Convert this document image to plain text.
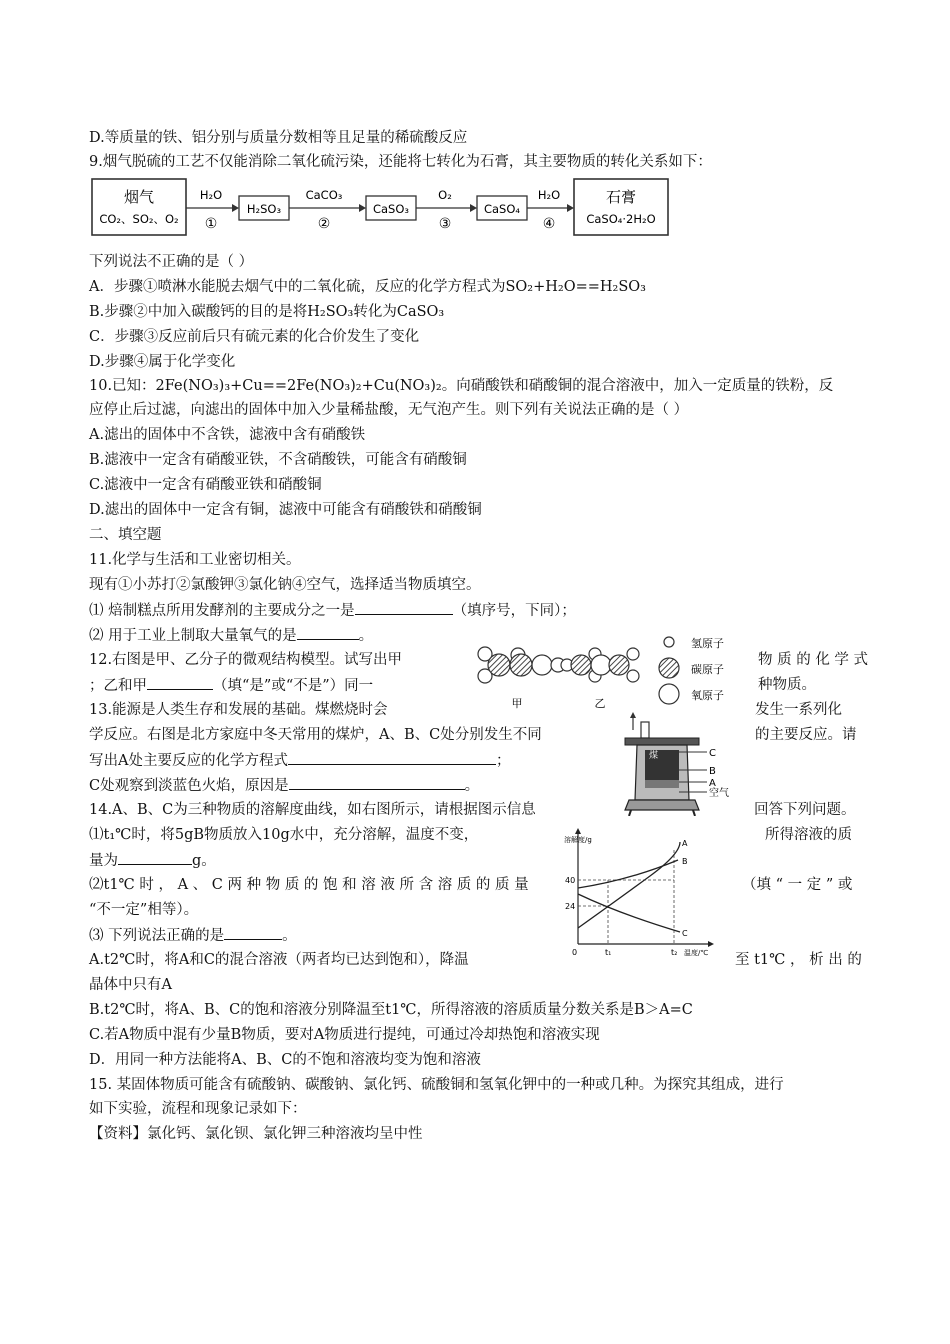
D.等质量的铁、铝分别与质量分数相等且足量的稀硫酸反应
9.烟气脱硫的工艺不仅能消除二氧化硫污染，还能将七转化为石膏，其主要物质的转化关系如下：
烟气
CO₂、SO₂、O₂
H₂O
①
H₂SO₃
CaCO₃
②
CaSO₃
O₂
③
CaSO₄
H₂O
④
石膏
CaSO₄·2H₂O
下列说法不正确的是（ ）
A．步骤①喷淋水能脱去烟气中的二氧化硫，反应的化学方程式为SO₂+H₂O==H₂SO₃
B.步骤②中加入碳酸钙的目的是将H₂SO₃转化为CaSO₃
C．步骤③反应前后只有硫元素的化合价发生了变化
D.步骤④属于化学变化
10.已知：2Fe(NO₃)₃+Cu==2Fe(NO₃)₂+Cu(NO₃)₂。向硝酸铁和硝酸铜的混合溶液中，加入一定质量的铁粉，反
应停止后过滤，向滤出的固体中加入少量稀盐酸，无气泡产生。则下列有关说法正确的是（ ）
A.滤出的固体中不含铁，滤液中含有硝酸铁
B.滤液中一定含有硝酸亚铁，不含硝酸铁，可能含有硝酸铜
C.滤液中一定含有硝酸亚铁和硝酸铜
D.滤出的固体中一定含有铜，滤液中可能含有硝酸铁和硝酸铜
二、填空题
11.化学与生活和工业密切相关。
现有①小苏打②氯酸钾③氯化钠④空气，选择适当物质填空。
⑴ 焙制糕点所用发酵剂的主要成分之一是	（填序号，下同）；
⑵ 用于工业上制取大量氧气的是	。
12.右图是甲、乙分子的微观结构模型。试写出甲	物 质 的 化 学 式
；乙和甲	（填“是”或“不是”）同一	种物质。
甲	乙
氢原子
碳原子
氧原子
13.能源是人类生存和发展的基础。煤燃烧时会	发生一系列化
学反应。右图是北方家庭中冬天常用的煤炉，A、B、C处分别发生不同	的主要反应。请
写出A处主要反应的化学方程式	；
C处观察到淡蓝色火焰，原因是	。
煤	C
B
A
空气
14.A、B、C为三种物质的溶解度曲线，如右图所示，请根据图示信息	回答下列问题。
⑴t₁℃时，将5gB物质放入10g水中，充分溶解，温度不变，	所得溶液的质
量为	g。
⑵t1℃ 时 ， A 、 C 两 种 物 质 的 饱 和 溶 液 所 含 溶 质 的 质 量	（填 “ 一 定 ” 或
“不一定”相等）。
⑶ 下列说法正确的是	。
A.t2℃时，将A和C的混合溶液（两者均已达到饱和），降温	至 t1℃ ， 析 出 的
晶体中只有A
B.t2℃时，将A、B、C的饱和溶液分别降温至t1℃，所得溶液的溶质质量分数关系是B＞A=C
C.若A物质中混有少量B物质，要对A物质进行提纯，可通过冷却热饱和溶液实现
D．用同一种方法能将A、B、C的不饱和溶液均变为饱和溶液
溶解度/g	A
B
C
40
24
0	t₁	t₂ 温度/℃
15. 某固体物质可能含有硫酸钠、碳酸钠、氯化钙、硫酸铜和氢氧化钾中的一种或几种。为探究其组成，进行
如下实验，流程和现象记录如下：
【资料】氯化钙、氯化钡、氯化钾三种溶液均呈中性
